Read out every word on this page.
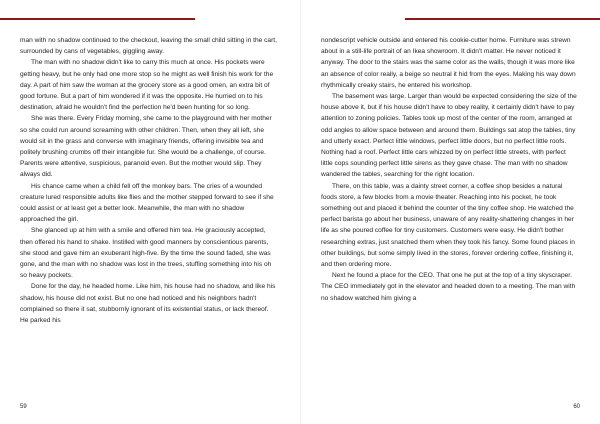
man with no shadow continued to the checkout, leaving the small child sitting in the cart, surrounded by cans of vegetables, giggling away.

The man with no shadow didn't like to carry this much at once. His pockets were getting heavy, but he only had one more stop so he might as well finish his work for the day. A part of him saw the woman at the grocery store as a good omen, an extra bit of good fortune. But a part of him wondered if it was the opposite. He hurried on to his destination, afraid he wouldn't find the perfection he'd been hunting for so long.

She was there. Every Friday morning, she came to the playground with her mother so she could run around screaming with other children. Then, when they all left, she would sit in the grass and converse with imaginary friends, offering invisible tea and politely brushing crumbs off their intangible fur. She would be a challenge, of course. Parents were attentive, suspicious, paranoid even. But the mother would slip. They always did.

His chance came when a child fell off the monkey bars. The cries of a wounded creature lured responsible adults like flies and the mother stepped forward to see if she could assist or at least get a better look. Meanwhile, the man with no shadow approached the girl.

She glanced up at him with a smile and offered him tea. He graciously accepted, then offered his hand to shake. Instilled with good manners by conscientious parents, she stood and gave him an exuberant high-five. By the time the sound faded, she was gone, and the man with no shadow was lost in the trees, stuffing something into his oh so heavy pockets.

Done for the day, he headed home. Like him, his house had no shadow, and like his shadow, his house did not exist. But no one had noticed and his neighbors hadn't complained so there it sat, stubbornly ignorant of its existential status, or lack thereof. He parked his

nondescript vehicle outside and entered his cookie-cutter home. Furniture was strewn about in a still-life portrait of an Ikea showroom. It didn't matter. He never noticed it anyway. The door to the stairs was the same color as the walls, though it was more like an absence of color really, a beige so neutral it hid from the eyes. Making his way down rhythmically creaky stairs, he entered his workshop.

The basement was large. Larger than would be expected considering the size of the house above it, but if his house didn't have to obey reality, it certainly didn't have to pay attention to zoning policies. Tables took up most of the center of the room, arranged at odd angles to allow space between and around them. Buildings sat atop the tables, tiny and utterly exact. Perfect little windows, perfect little doors, but no perfect little roofs. Nothing had a roof. Perfect little cars whizzed by on perfect little streets, with perfect little cops sounding perfect little sirens as they gave chase. The man with no shadow wandered the tables, searching for the right location.

There, on this table, was a dainty street corner, a coffee shop besides a natural foods store, a few blocks from a movie theater. Reaching into his pocket, he took something out and placed it behind the counter of the tiny coffee shop. He watched the perfect barista go about her business, unaware of any reality-shattering changes in her life as she poured coffee for tiny customers. Customers were easy. He didn't bother researching extras, just snatched them when they took his fancy. Some found places in other buildings, but some simply lived in the stores, forever ordering coffee, finishing it, and then ordering more.

Next he found a place for the CEO. That one he put at the top of a tiny skyscraper. The CEO immediately got in the elevator and headed down to a meeting. The man with no shadow watched him giving a

59	60
